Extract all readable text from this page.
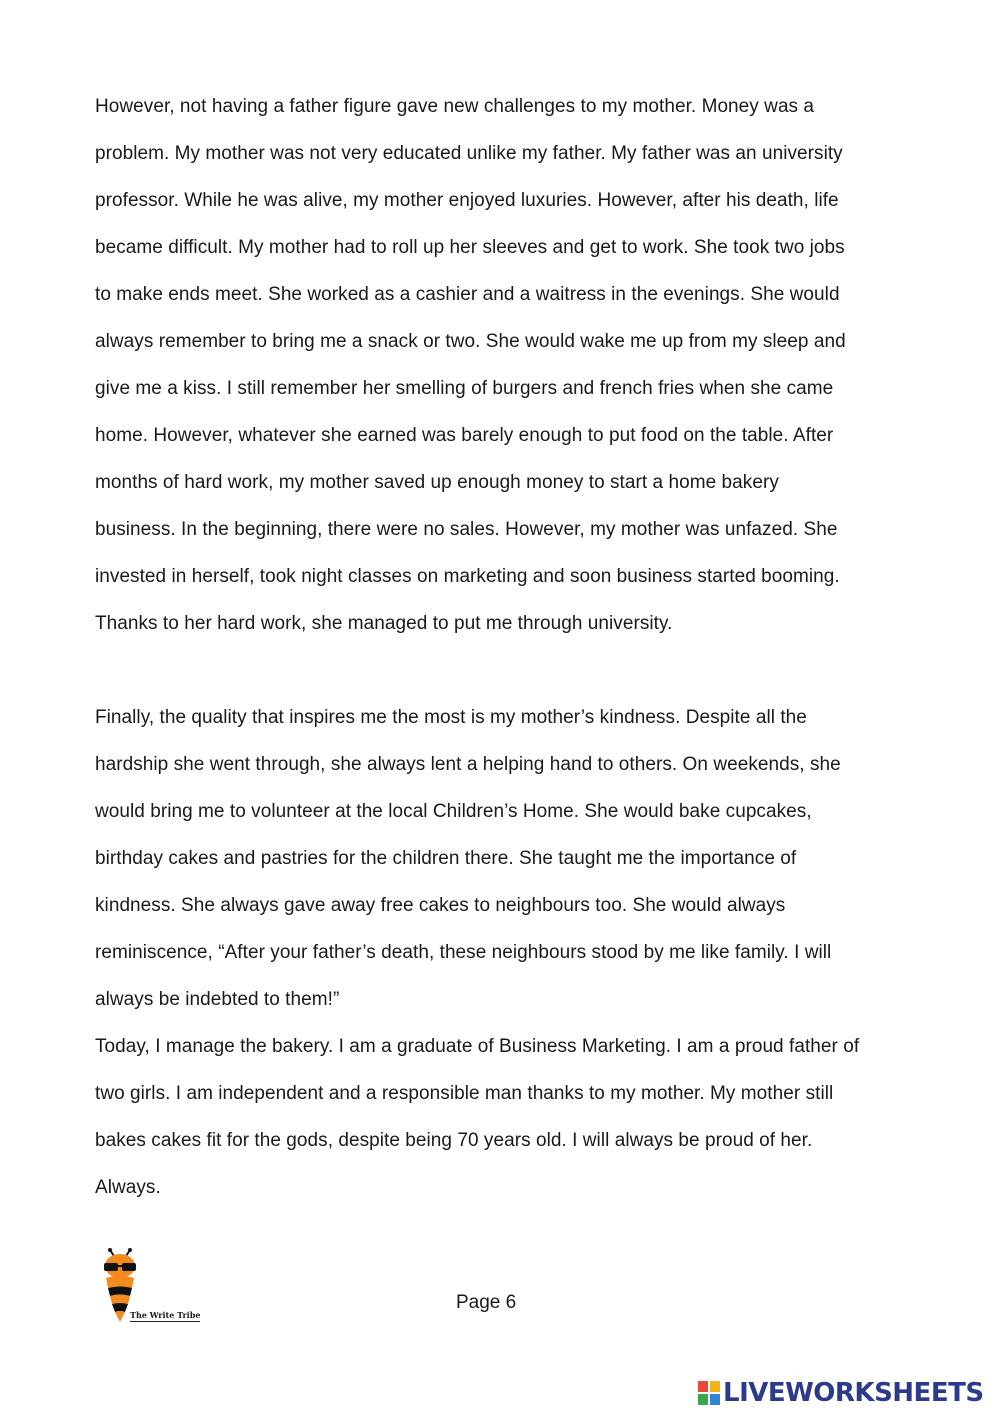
However, not having a father figure gave new challenges to my mother. Money was a
problem. My mother was not very educated unlike my father. My father was an university
professor. While he was alive, my mother enjoyed luxuries. However, after his death, life
became difficult. My mother had to roll up her sleeves and get to work. She took two jobs
to make ends meet. She worked as a cashier and a waitress in the evenings. She would
always remember to bring me a snack or two. She would wake me up from my sleep and
give me a kiss. I still remember her smelling of burgers and french fries when she came
home. However, whatever she earned was barely enough to put food on the table. After
months of hard work, my mother saved up enough money to start a home bakery
business. In the beginning, there were no sales. However, my mother was unfazed. She
invested in herself, took night classes on marketing and soon business started booming.
Thanks to her hard work, she managed to put me through university.
Finally, the quality that inspires me the most is my mother’s kindness. Despite all the
hardship she went through, she always lent a helping hand to others. On weekends, she
would bring me to volunteer at the local Children’s Home. She would bake cupcakes,
birthday cakes and pastries for the children there. She taught me the importance of
kindness. She always gave away free cakes to neighbours too. She would always
reminiscence, “After your father’s death, these neighbours stood by me like family. I will
always be indebted to them!”
Today, I manage the bakery. I am a graduate of Business Marketing. I am a proud father of
two girls. I am independent and a responsible man thanks to my mother. My mother still
bakes cakes fit for the gods, despite being 70 years old. I will always be proud of her.
Always.
The Write Tribe
Page 6
LIVEWORKSHEETS
